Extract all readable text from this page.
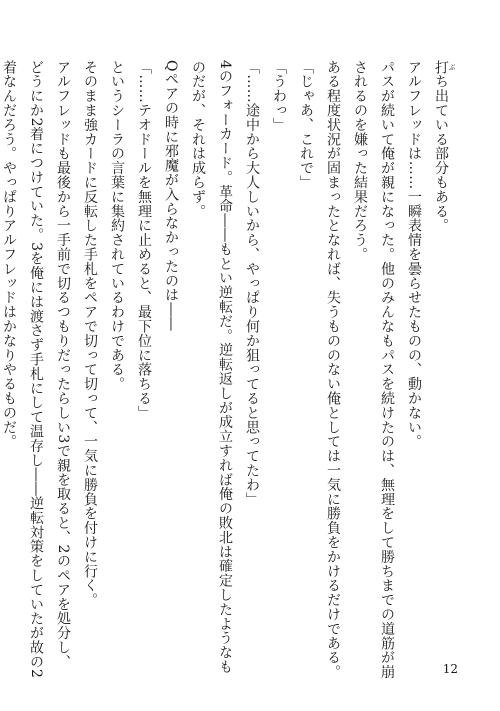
打 ぶち出ている部分もある。
アルフレッドは……一瞬表情を曇らせたものの、動かない。
パスが続いて俺が親になった。他のみんなもパスを続けたのは、無理をして勝ちまでの道筋が崩
されるのを嫌った結果だろう。
ある程度状況が固まったとなれば、失うもののない俺としては一気に勝負をかけるだけである。
「じゃあ、これで」
「うわっ」
「……途中から大人しいから、やっぱり何か狙ってると思ってたわ」
4のフォーカード。革命――もとい逆転だ。逆転返しが成立すれば俺の敗北は確定したようなも
のだが、それは成らず。
Qペアの時に邪魔が入らなかったのは――
「……テオドールを無理に止めると、最下位に落ちる」
というシーラの言葉に集約されているわけである。
そのまま強カードに反転した手札をペアで切って切って、一気に勝負を付けに行く。
アルフレッドも最後から一手前で切るつもりだったらしい3で親を取ると、2のペアを処分し、
どうにか2着につけていた。3を俺には渡さず手札にして温存し――逆転対策をしていたが故の2
着なんだろう。やっぱりアルフレッドはかなりやるものだ。
12
